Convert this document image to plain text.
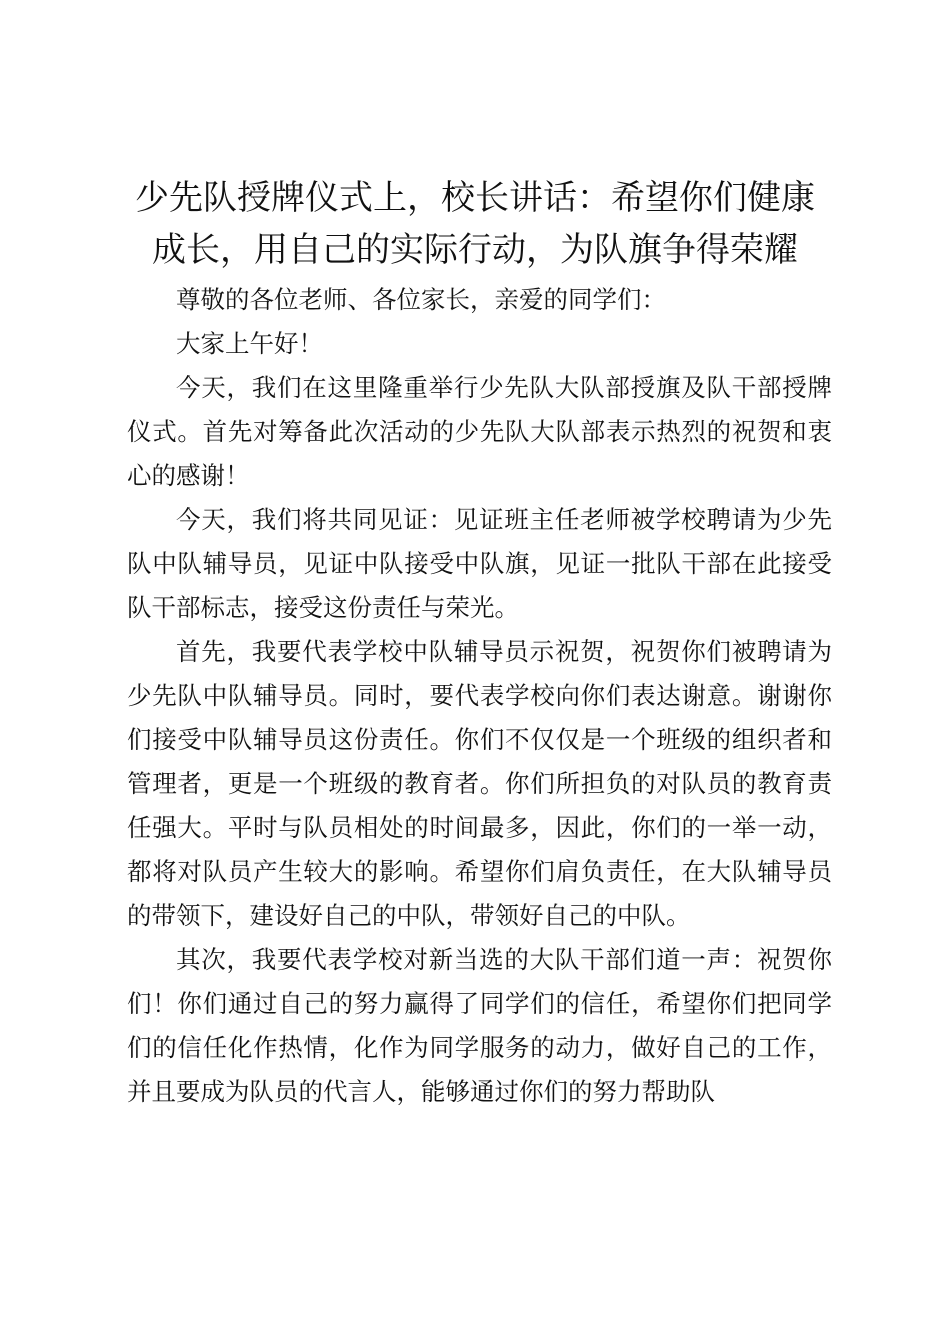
少先队授牌仪式上，校长讲话：希望你们健康
成长，用自己的实际行动，为队旗争得荣耀

尊敬的各位老师、各位家长，亲爱的同学们：

大家上午好！

今天，我们在这里隆重举行少先队大队部授旗及队干部授牌仪式。首先对筹备此次活动的少先队大队部表示热烈的祝贺和衷心的感谢！

今天，我们将共同见证：见证班主任老师被学校聘请为少先队中队辅导员，见证中队接受中队旗，见证一批队干部在此接受队干部标志，接受这份责任与荣光。

首先，我要代表学校中队辅导员示祝贺，祝贺你们被聘请为少先队中队辅导员。同时，要代表学校向你们表达谢意。谢谢你们接受中队辅导员这份责任。你们不仅仅是一个班级的组织者和管理者，更是一个班级的教育者。你们所担负的对队员的教育责任强大。平时与队员相处的时间最多，因此，你们的一举一动，都将对队员产生较大的影响。希望你们肩负责任，在大队辅导员的带领下，建设好自己的中队，带领好自己的中队。

其次，我要代表学校对新当选的大队干部们道一声：祝贺你们！你们通过自己的努力赢得了同学们的信任，希望你们把同学们的信任化作热情，化作为同学服务的动力，做好自己的工作，并且要成为队员的代言人，能够通过你们的努力帮助队
